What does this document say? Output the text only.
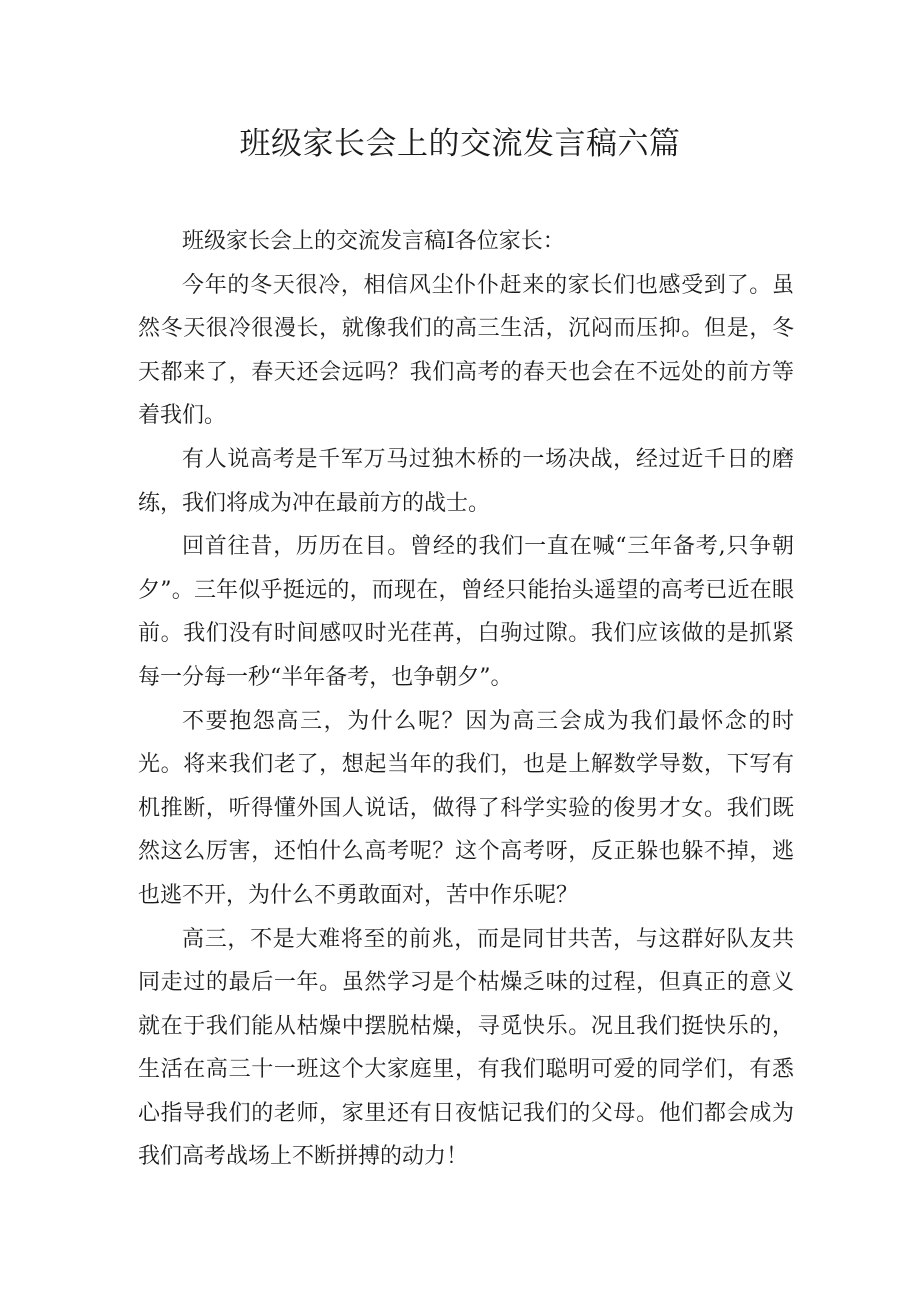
班级家长会上的交流发言稿六篇

班级家长会上的交流发言稿Ⅰ各位家长：

今年的冬天很冷，相信风尘仆仆赶来的家长们也感受到了。虽然冬天很冷很漫长，就像我们的高三生活，沉闷而压抑。但是，冬天都来了，春天还会远吗？我们高考的春天也会在不远处的前方等着我们。

有人说高考是千军万马过独木桥的一场决战，经过近千日的磨练，我们将成为冲在最前方的战士。

回首往昔，历历在目。曾经的我们一直在喊“三年备考,只争朝夕”。三年似乎挺远的，而现在，曾经只能抬头遥望的高考已近在眼前。我们没有时间感叹时光荏苒，白驹过隙。我们应该做的是抓紧每一分每一秒“半年备考，也争朝夕”。

不要抱怨高三，为什么呢？因为高三会成为我们最怀念的时光。将来我们老了，想起当年的我们，也是上解数学导数，下写有机推断，听得懂外国人说话，做得了科学实验的俊男才女。我们既然这么厉害，还怕什么高考呢？这个高考呀，反正躲也躲不掉，逃也逃不开，为什么不勇敢面对，苦中作乐呢？

高三，不是大难将至的前兆，而是同甘共苦，与这群好队友共同走过的最后一年。虽然学习是个枯燥乏味的过程，但真正的意义就在于我们能从枯燥中摆脱枯燥，寻觅快乐。况且我们挺快乐的，生活在高三十一班这个大家庭里，有我们聪明可爱的同学们，有悉心指导我们的老师，家里还有日夜惦记我们的父母。他们都会成为我们高考战场上不断拼搏的动力！
